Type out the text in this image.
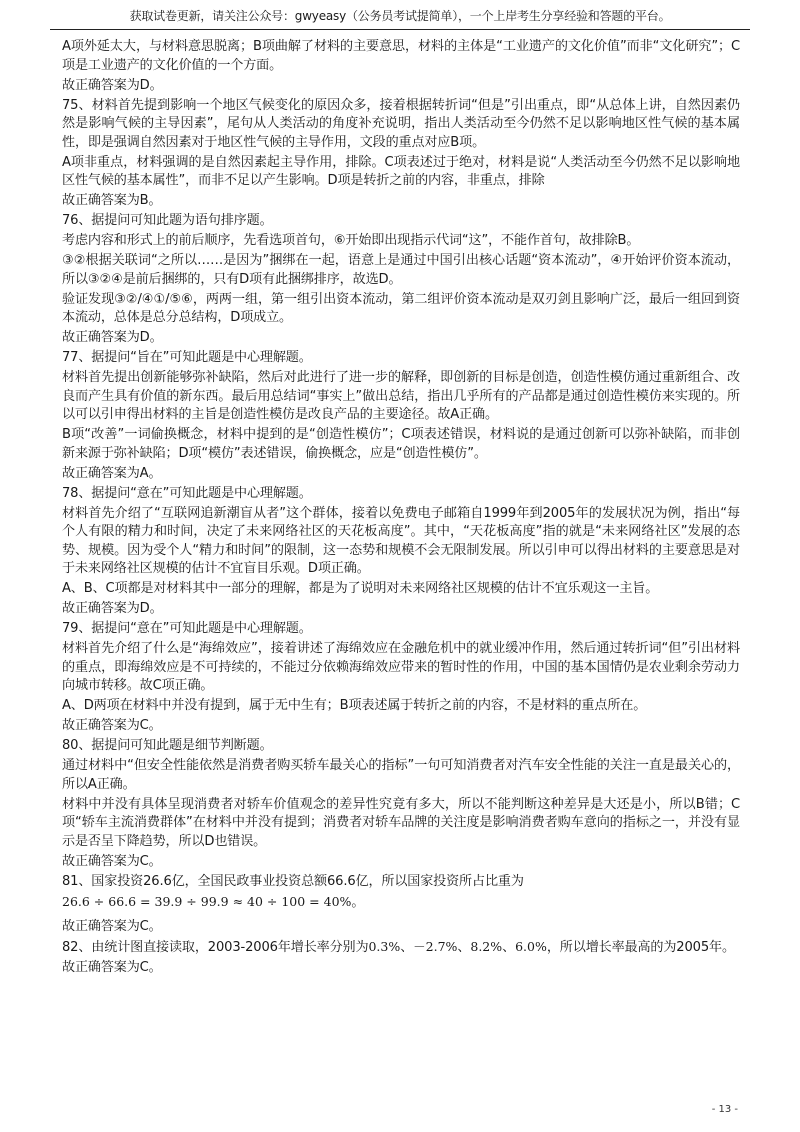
获取试卷更新，请关注公众号：gwyeasy（公务员考试提简单），一个上岸考生分享经验和答题的平台。

A项外延太大，与材料意思脱离；B项曲解了材料的主要意思，材料的主体是“工业遗产的文化价值”而非“文化研究”；C项是工业遗产的文化价值的一个方面。

故正确答案为D。

75、材料首先提到影响一个地区气候变化的原因众多，接着根据转折词“但是”引出重点，即“从总体上讲，自然因素仍然是影响气候的主导因素”，尾句从人类活动的角度补充说明，指出人类活动至今仍然不足以影响地区性气候的基本属性，即是强调自然因素对于地区性气候的主导作用，文段的重点对应B项。

A项非重点，材料强调的是自然因素起主导作用，排除。C项表述过于绝对，材料是说“人类活动至今仍然不足以影响地区性气候的基本属性”，而非不足以产生影响。D项是转折之前的内容，非重点，排除

故正确答案为B。

76、据提问可知此题为语句排序题。

考虑内容和形式上的前后顺序，先看选项首句，⑥开始即出现指示代词“这”，不能作首句，故排除B。

③②根据关联词“之所以……是因为”捆绑在一起，语意上是通过中国引出核心话题“资本流动”，④开始评价资本流动，所以③②④是前后捆绑的，只有D项有此捆绑排序，故选D。

验证发现③②/④①/⑤⑥，两两一组，第一组引出资本流动，第二组评价资本流动是双刃剑且影响广泛，最后一组回到资本流动，总体是总分总结构，D项成立。

故正确答案为D。

77、据提问“旨在”可知此题是中心理解题。

材料首先提出创新能够弥补缺陷，然后对此进行了进一步的解释，即创新的目标是创造，创造性模仿通过重新组合、改良而产生具有价值的新东西。最后用总结词“事实上”做出总结，指出几乎所有的产品都是通过创造性模仿来实现的。所以可以引申得出材料的主旨是创造性模仿是改良产品的主要途径。故A正确。

B项“改善”一词偷换概念，材料中提到的是“创造性模仿”；C项表述错误，材料说的是通过创新可以弥补缺陷，而非创新来源于弥补缺陷；D项“模仿”表述错误，偷换概念，应是“创造性模仿”。

故正确答案为A。

78、据提问“意在”可知此题是中心理解题。

材料首先介绍了“互联网追新潮盲从者”这个群体，接着以免费电子邮箱自1999年到2005年的发展状况为例，指出“每个人有限的精力和时间，决定了未来网络社区的天花板高度”。其中，“天花板高度”指的就是“未来网络社区”发展的态势、规模。因为受个人“精力和时间”的限制，这一态势和规模不会无限制发展。所以引申可以得出材料的主要意思是对于未来网络社区规模的估计不宜盲目乐观。D项正确。

A、B、C项都是对材料其中一部分的理解，都是为了说明对未来网络社区规模的估计不宜乐观这一主旨。

故正确答案为D。

79、据提问“意在”可知此题是中心理解题。

材料首先介绍了什么是“海绵效应”，接着讲述了海绵效应在金融危机中的就业缓冲作用，然后通过转折词“但”引出材料的重点，即海绵效应是不可持续的，不能过分依赖海绵效应带来的暂时性的作用，中国的基本国情仍是农业剩余劳动力向城市转移。故C项正确。

A、D两项在材料中并没有提到，属于无中生有；B项表述属于转折之前的内容，不是材料的重点所在。

故正确答案为C。

80、据提问可知此题是细节判断题。

通过材料中“但安全性能依然是消费者购买轿车最关心的指标”一句可知消费者对汽车安全性能的关注一直是最关心的，所以A正确。

材料中并没有具体呈现消费者对轿车价值观念的差异性究竟有多大，所以不能判断这种差异是大还是小，所以B错；C项“轿车主流消费群体”在材料中并没有提到；消费者对轿车品牌的关注度是影响消费者购车意向的指标之一，并没有显示是否呈下降趋势，所以D也错误。

故正确答案为C。

81、国家投资26.6亿，全国民政事业投资总额66.6亿，所以国家投资所占比重为

26.6 ÷ 66.6 = 39.9 ÷ 99.9 ≈ 40 ÷ 100 = 40%。

故正确答案为C。

82、由统计图直接读取，2003-2006年增长率分别为0.3%、－2.7%、8.2%、6.0%，所以增长率最高的为2005年。

故正确答案为C。

- 13 -
